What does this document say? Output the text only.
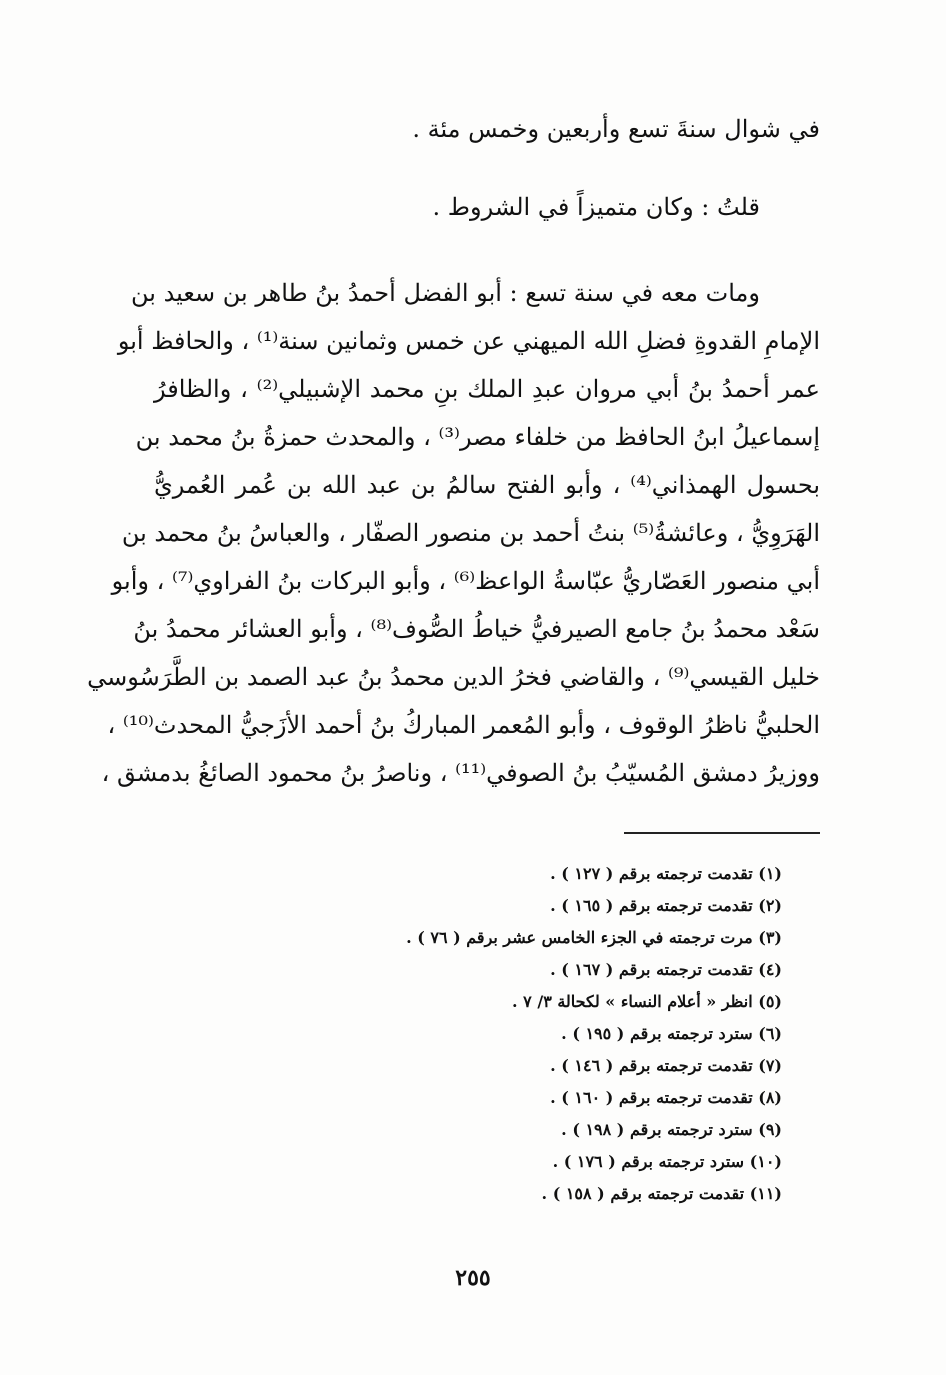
في شوال سنةَ تسع وأربعين وخمس مئة .
قلتُ : وكان متميزاً في الشروط .
ومات معه في سنة تسع : أبو الفضل أحمدُ بنُ طاهر بن سعيد بن
الإمامِ القدوةِ فضلِ الله الميهني عن خمس وثمانين سنة⁽¹⁾ ، والحافظ أبو
عمر أحمدُ بنُ أبي مروان عبدِ الملك بنِ محمد الإشبيلي⁽²⁾ ، والظافرُ
إسماعيلُ ابنُ الحافظ من خلفاء مصر⁽³⁾ ، والمحدث حمزةُ بنُ محمد بن
بحسول الهمذاني⁽⁴⁾ ، وأبو الفتح سالمُ بن عبد الله بن عُمر العُمريُّ
الهَرَوِيُّ ، وعائشةُ⁽⁵⁾ بنتُ أحمد بن منصور الصفّار ، والعباسُ بنُ محمد بن
أبي منصور العَصّاريُّ عبّاسةُ الواعظ⁽⁶⁾ ، وأبو البركات بنُ الفراوي⁽⁷⁾ ، وأبو
سَعْد محمدُ بنُ جامع الصيرفيُّ خياطُ الصُّوف⁽⁸⁾ ، وأبو العشائر محمدُ بنُ
خليل القيسي⁽⁹⁾ ، والقاضي فخرُ الدين محمدُ بنُ عبد الصمد بن الطَّرَسُوسي
الحلبيُّ ناظرُ الوقوف ، وأبو المُعمر المباركُ بنُ أحمد الأزَجيُّ المحدث⁽¹⁰⁾ ،
ووزيرُ دمشق المُسيّبُ بنُ الصوفي⁽¹¹⁾ ، وناصرُ بنُ محمود الصائغُ بدمشق ،
(١) تقدمت ترجمته برقم ( ١٢٧ ) .
(٢) تقدمت ترجمته برقم ( ١٦٥ ) .
(٣) مرت ترجمته في الجزء الخامس عشر برقم ( ٧٦ ) .
(٤) تقدمت ترجمته برقم ( ١٦٧ ) .
(٥) انظر « أعلام النساء » لكحالة ٣/ ٧ .
(٦) سترد ترجمته برقم ( ١٩٥ ) .
(٧) تقدمت ترجمته برقم ( ١٤٦ ) .
(٨) تقدمت ترجمته برقم ( ١٦٠ ) .
(٩) سترد ترجمته برقم ( ١٩٨ ) .
(١٠) سترد ترجمته برقم ( ١٧٦ ) .
(١١) تقدمت ترجمته برقم ( ١٥٨ ) .
٢٥٥
